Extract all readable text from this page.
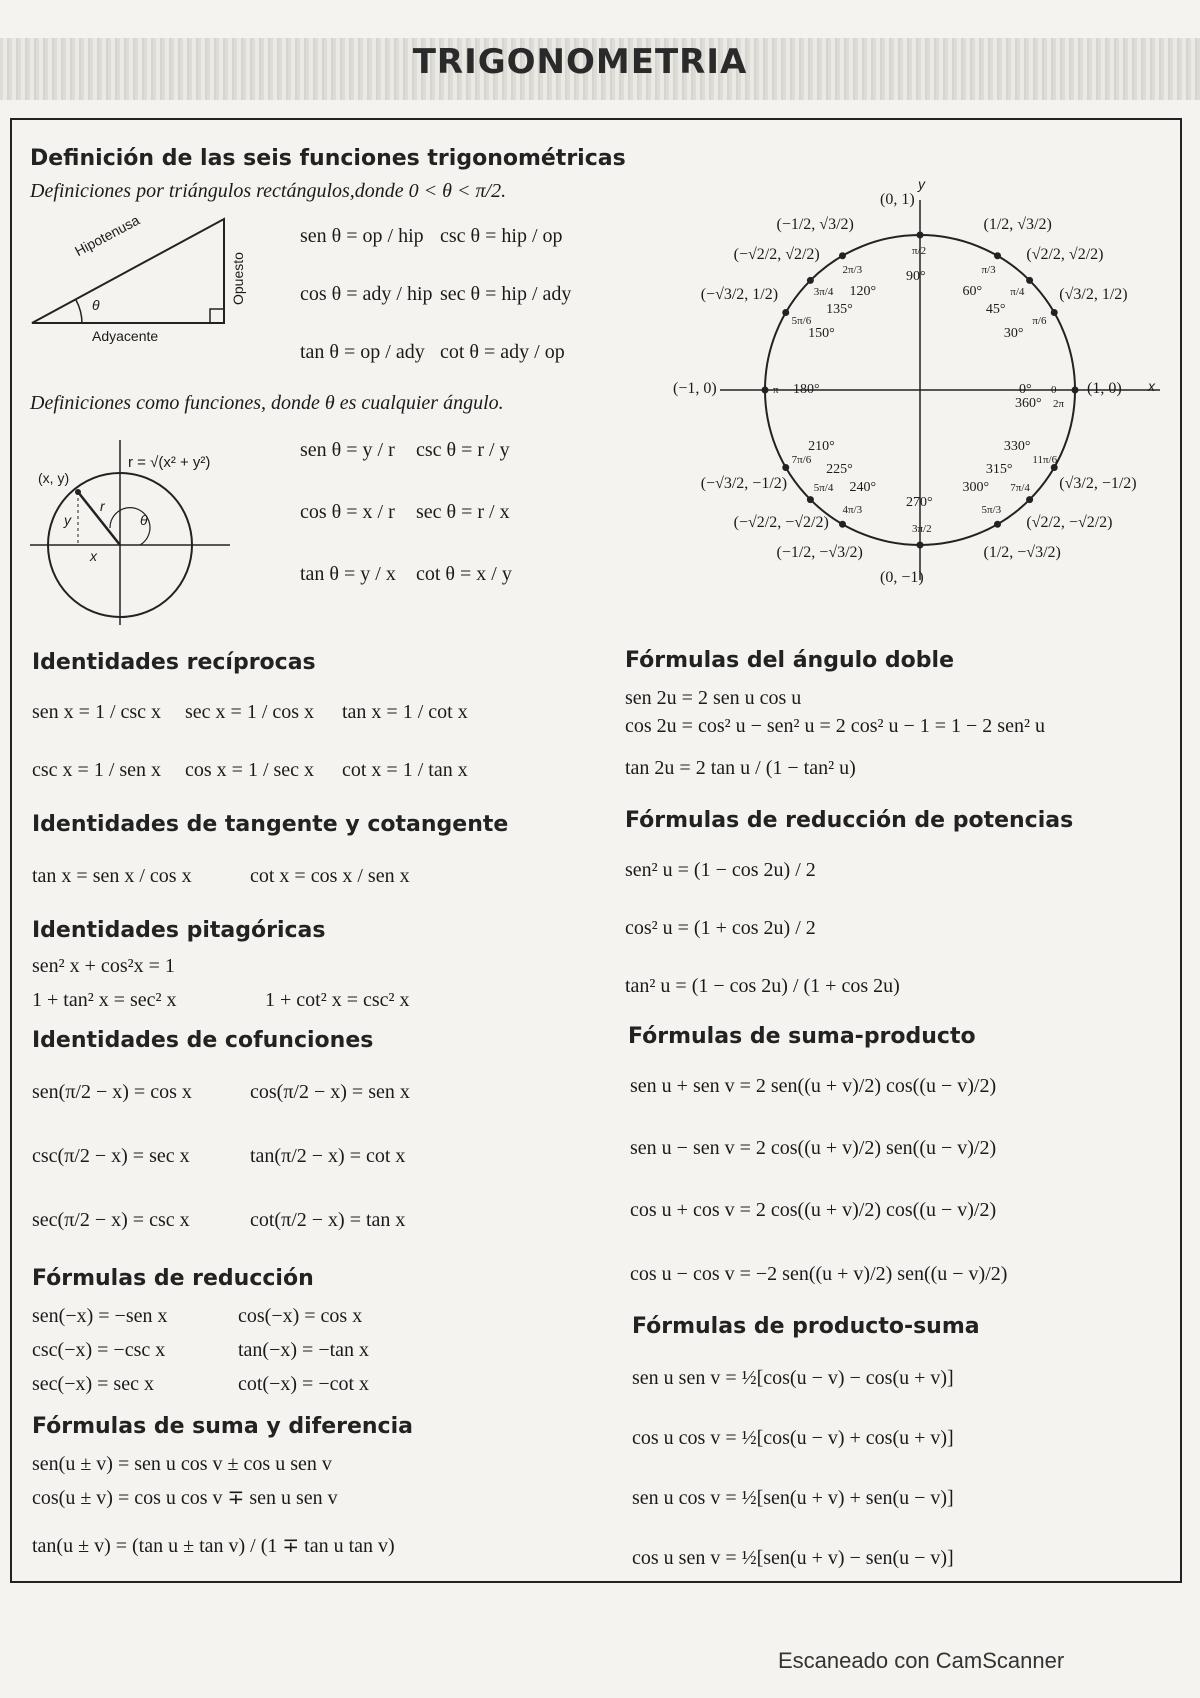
TRIGONOMETRIA
Definición de las seis funciones trigonométricas
Definiciones por triángulos rectángulos,donde 0 < θ < π/2.
Hipotenusa
Opuesto
Adyacente
θ
sen θ = op / hip csc θ = hip / op
cos θ = ady / hip sec θ = hip / ady
tan θ = op / ady cot θ = ady / op
Definiciones como funciones, donde θ es cualquier ángulo.
(x, y)
r = √(x² + y²)
r
y
x
θ
sen θ = y / r csc θ = r / y
cos θ = x / r sec θ = r / x
tan θ = y / x cot θ = x / y
x
y
(1, 0)
0° 0
(√3/2, 1/2)
30°
π/6
(√2/2, √2/2)
45°
π/4
(1/2, √3/2)
60°
π/3
(0, 1)
90°
π/2
(−1/2, √3/2)
120°
2π/3
(−√2/2, √2/2)
135°
3π/4
(−√3/2, 1/2)
150°
5π/6
(−1, 0)	180°
π
(−√3/2, −1/2)
210°
7π/6
(−√2/2, −√2/2)
225°
5π/4
(−1/2, −√3/2)
240°
4π/3
(0, −1)
270°
3π/2
(1/2, −√3/2)
300°
5π/3
(√2/2, −√2/2)
315°
7π/4 (√3/2, −1/2)
330°
11π/6
360° 2π
Identidades recíprocas
sen x = 1 / csc x sec x = 1 / cos x tan x = 1 / cot x
csc x = 1 / sen x cos x = 1 / sec x cot x = 1 / tan x
Identidades de tangente y cotangente
tan x = sen x / cos x	cot x = cos x / sen x
Identidades pitagóricas
sen² x + cos²x = 1
1 + tan² x = sec² x	1 + cot² x = csc² x
Identidades de cofunciones
sen(π/2 − x) = cos x	cos(π/2 − x) = sen x
csc(π/2 − x) = sec x	tan(π/2 − x) = cot x
sec(π/2 − x) = csc x	cot(π/2 − x) = tan x
Fórmulas de reducción
sen(−x) = −sen x	cos(−x) = cos x
csc(−x) = −csc x	tan(−x) = −tan x
sec(−x) = sec x	cot(−x) = −cot x
Fórmulas de suma y diferencia
sen(u ± v) = sen u cos v ± cos u sen v
cos(u ± v) = cos u cos v ∓ sen u sen v
tan(u ± v) = (tan u ± tan v) / (1 ∓ tan u tan v)
Fórmulas del ángulo doble
sen 2u = 2 sen u cos u
cos 2u = cos² u − sen² u = 2 cos² u − 1 = 1 − 2 sen² u
tan 2u = 2 tan u / (1 − tan² u)
Fórmulas de reducción de potencias
sen² u = (1 − cos 2u) / 2
cos² u = (1 + cos 2u) / 2
tan² u = (1 − cos 2u) / (1 + cos 2u)
Fórmulas de suma-producto
sen u + sen v = 2 sen((u + v)/2) cos((u − v)/2)
sen u − sen v = 2 cos((u + v)/2) sen((u − v)/2)
cos u + cos v = 2 cos((u + v)/2) cos((u − v)/2)
cos u − cos v = −2 sen((u + v)/2) sen((u − v)/2)
Fórmulas de producto-suma
sen u sen v = ½[cos(u − v) − cos(u + v)]
cos u cos v = ½[cos(u − v) + cos(u + v)]
sen u cos v = ½[sen(u + v) + sen(u − v)]
cos u sen v = ½[sen(u + v) − sen(u − v)]
Escaneado con CamScanner
